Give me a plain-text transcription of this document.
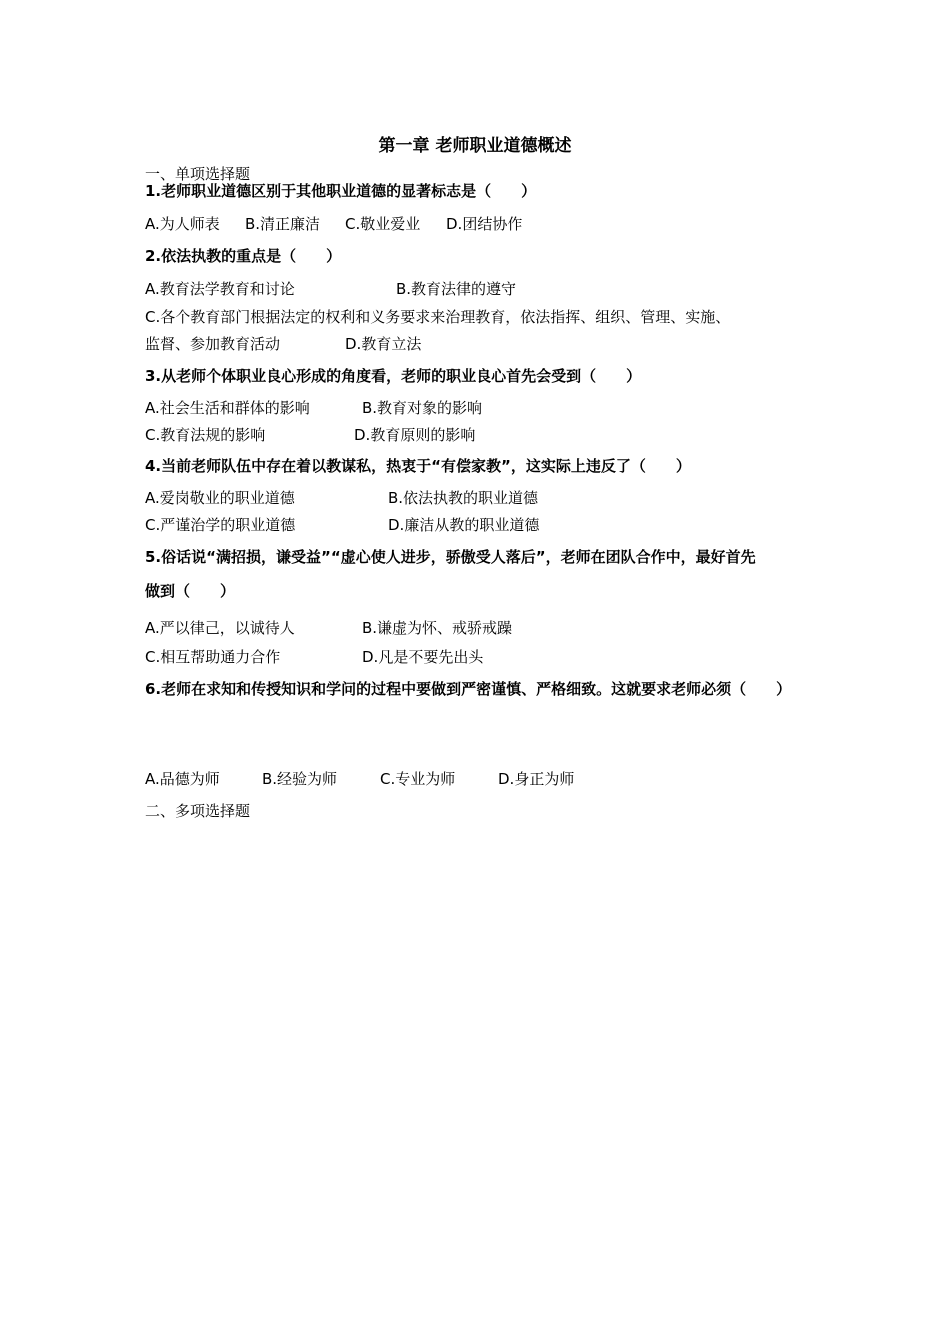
第一章 老师职业道德概述
一、单项选择题
1.老师职业道德区别于其他职业道德的显著标志是（　　）
A.为人师表 B.清正廉洁 C.敬业爱业 D.团结协作
2.依法执教的重点是（　　）
A.教育法学教育和讨论	B.教育法律的遵守
C.各个教育部门根据法定的权利和义务要求来治理教育，依法指挥、组织、管理、实施、
监督、参加教育活动	D.教育立法
3.从老师个体职业良心形成的角度看，老师的职业良心首先会受到（　　）
A.社会生活和群体的影响	B.教育对象的影响
C.教育法规的影响	D.教育原则的影响
4.当前老师队伍中存在着以教谋私，热衷于“有偿家教”，这实际上违反了（　　）
A.爱岗敬业的职业道德	B.依法执教的职业道德
C.严谨治学的职业道德	D.廉洁从教的职业道德
5.俗话说“满招损，谦受益”“虚心使人进步，骄傲受人落后”，老师在团队合作中，最好首先
做到（　　）
A.严以律己，以诚待人	B.谦虚为怀、戒骄戒躁
C.相互帮助通力合作	D.凡是不要先出头
6.老师在求知和传授知识和学问的过程中要做到严密谨慎、严格细致。这就要求老师必须（　　）
A.品德为师	B.经验为师	C.专业为师	D.身正为师
二、多项选择题
